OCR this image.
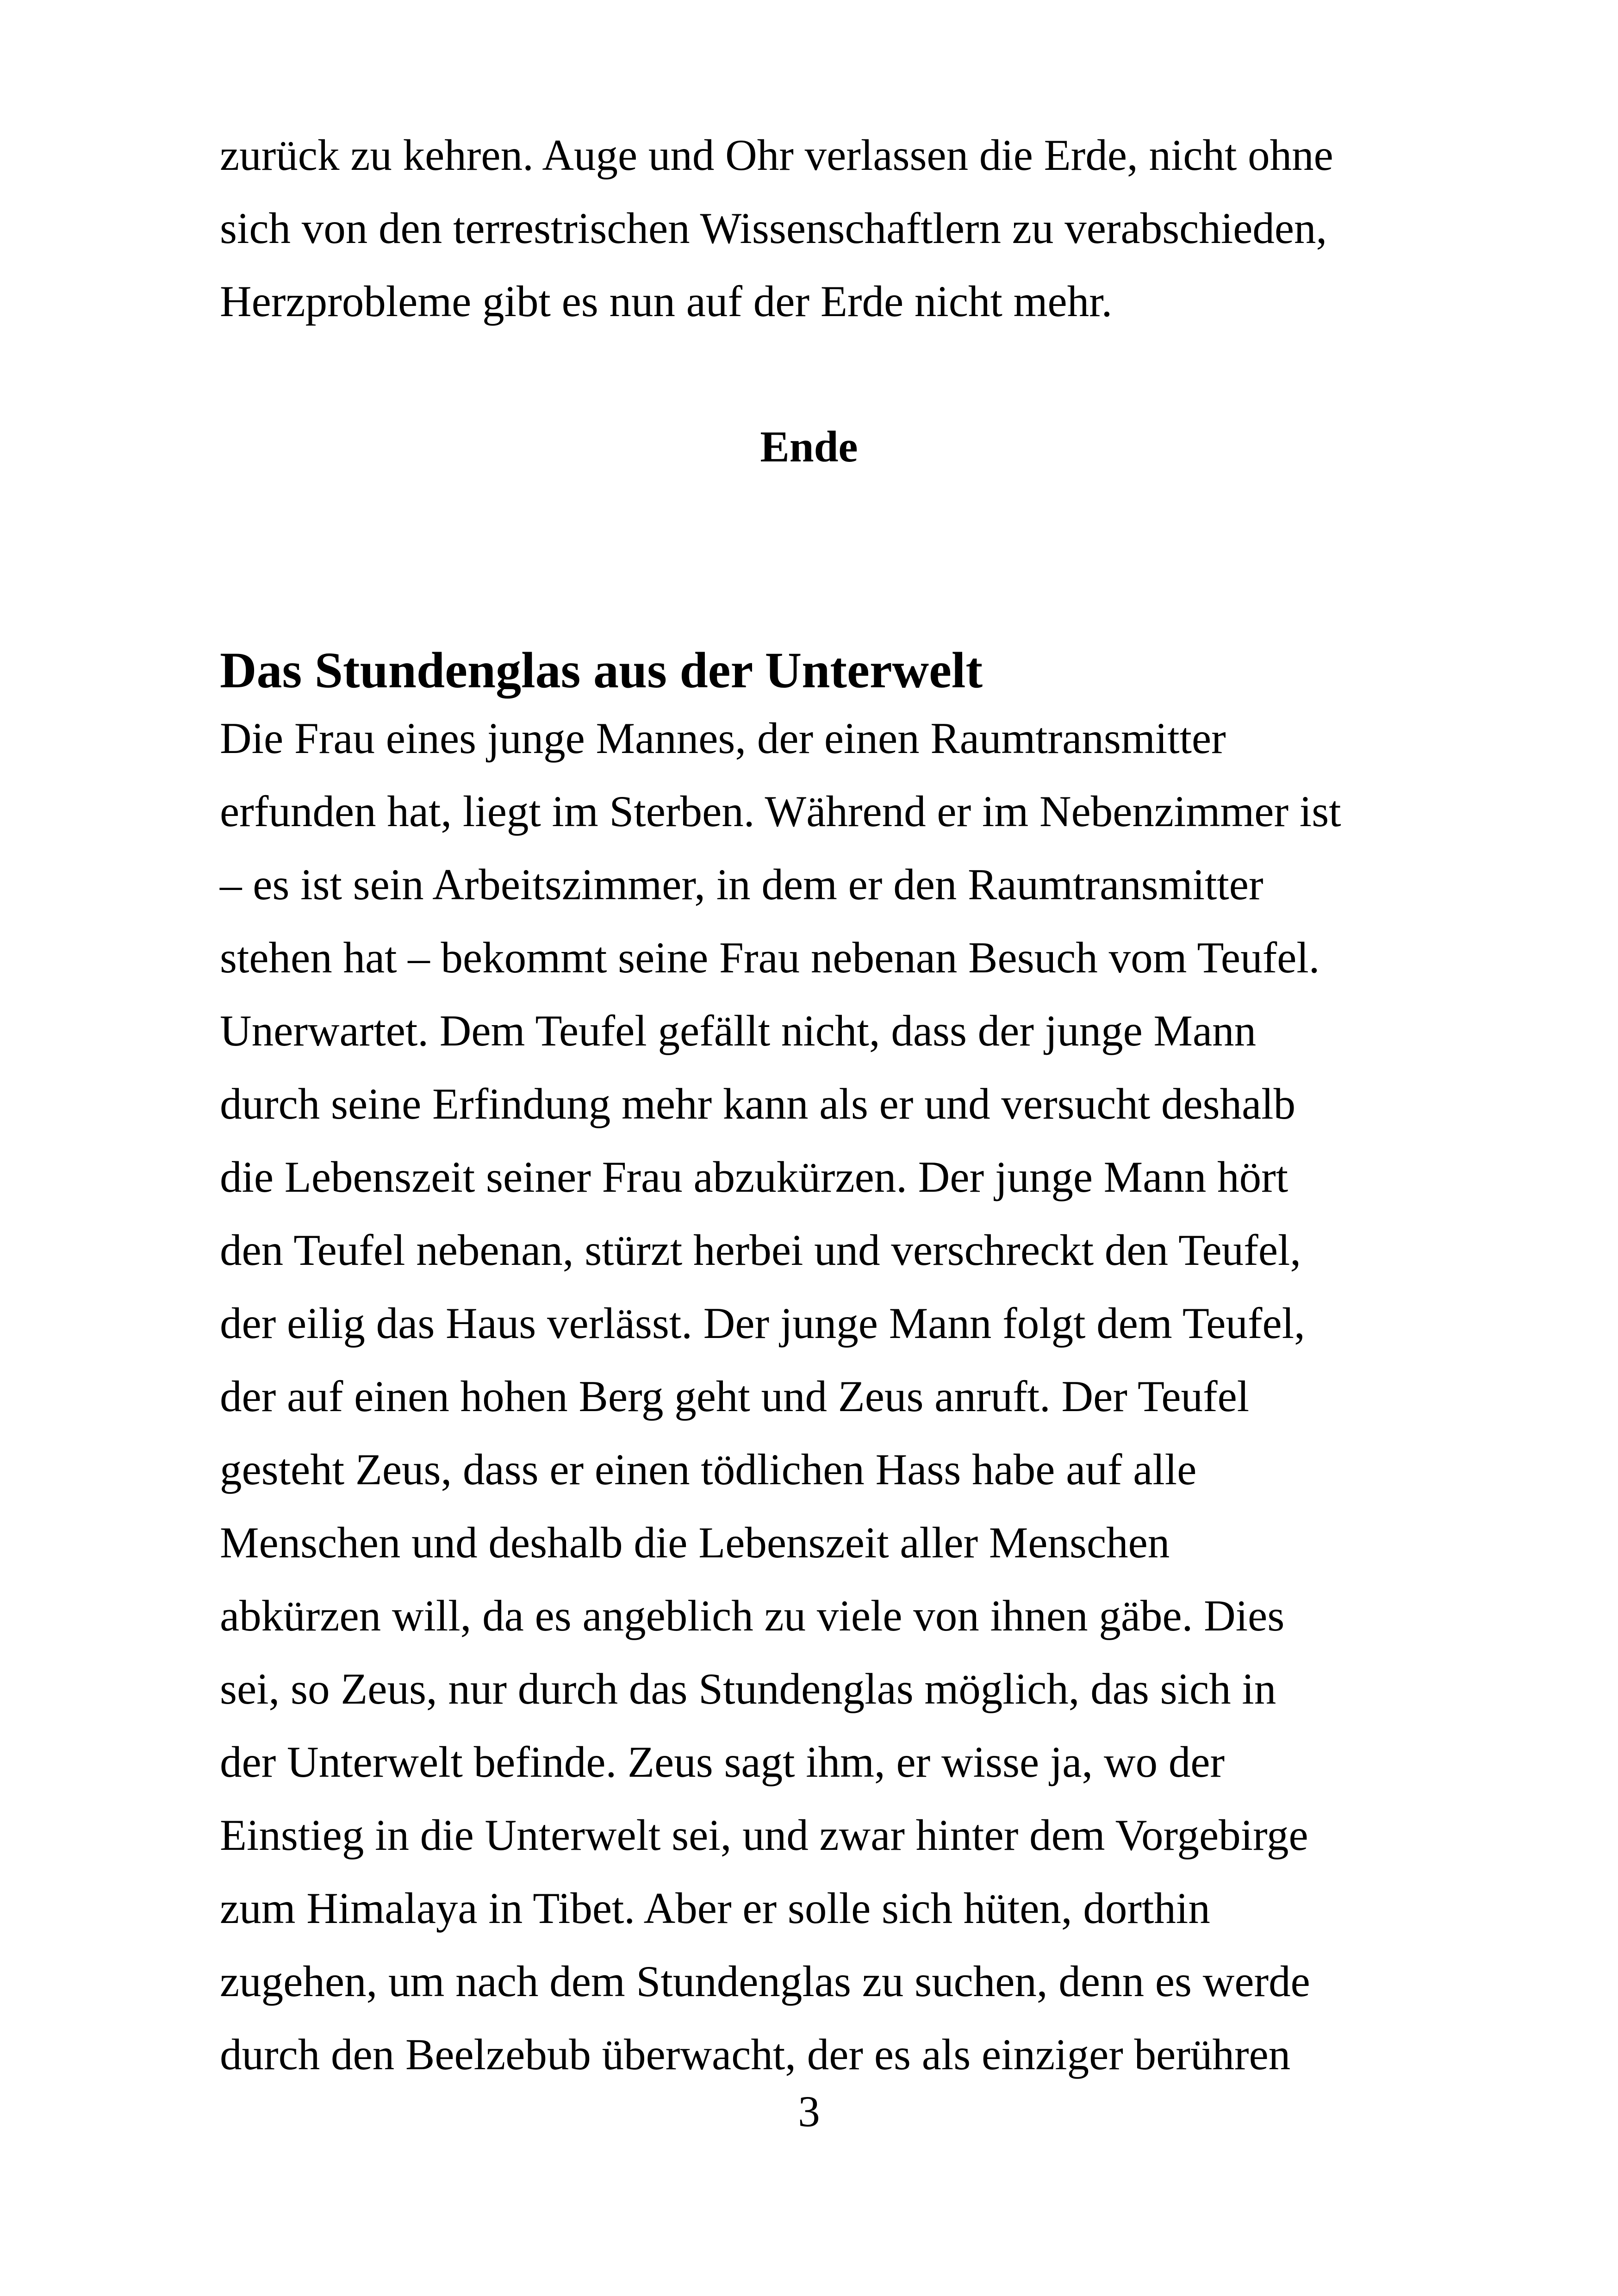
zurück zu kehren. Auge und Ohr verlassen die Erde, nicht ohne
sich von den terrestrischen Wissenschaftlern zu verabschieden,
Herzprobleme gibt es nun auf der Erde nicht mehr.
Ende
Das Stundenglas aus der Unterwelt
Die Frau eines junge Mannes, der einen Raumtransmitter
erfunden hat, liegt im Sterben. Während er im Nebenzimmer ist
– es ist sein Arbeitszimmer, in dem er den Raumtransmitter
stehen hat – bekommt seine Frau nebenan Besuch vom Teufel.
Unerwartet. Dem Teufel gefällt nicht, dass der junge Mann
durch seine Erfindung mehr kann als er und versucht deshalb
die Lebenszeit seiner Frau abzukürzen. Der junge Mann hört
den Teufel nebenan, stürzt herbei und verschreckt den Teufel,
der eilig das Haus verlässt. Der junge Mann folgt dem Teufel,
der auf einen hohen Berg geht und Zeus anruft. Der Teufel
gesteht Zeus, dass er einen tödlichen Hass habe auf alle
Menschen und deshalb die Lebenszeit aller Menschen
abkürzen will, da es angeblich zu viele von ihnen gäbe. Dies
sei, so Zeus, nur durch das Stundenglas möglich, das sich in
der Unterwelt befinde. Zeus sagt ihm, er wisse ja, wo der
Einstieg in die Unterwelt sei, und zwar hinter dem Vorgebirge
zum Himalaya in Tibet. Aber er solle sich hüten, dorthin
zugehen, um nach dem Stundenglas zu suchen, denn es werde
durch den Beelzebub überwacht, der es als einziger berühren
3
